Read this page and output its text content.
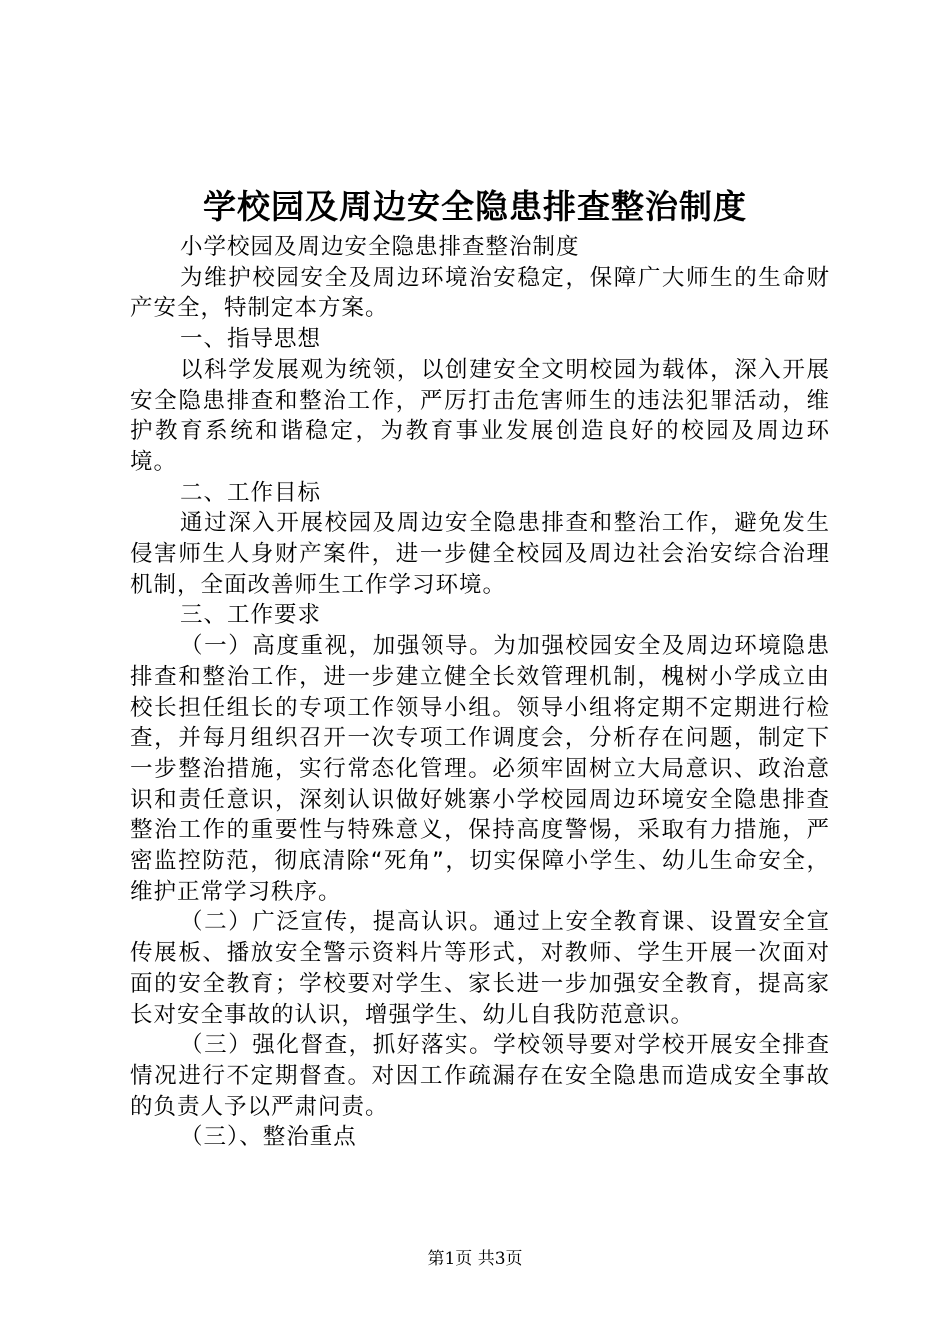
学校园及周边安全隐患排查整治制度

小学校园及周边安全隐患排查整治制度

为维护校园安全及周边环境治安稳定，保障广大师生的生命财产安全，特制定本方案。

一、指导思想

以科学发展观为统领，以创建安全文明校园为载体，深入开展安全隐患排查和整治工作，严厉打击危害师生的违法犯罪活动，维护教育系统和谐稳定，为教育事业发展创造良好的校园及周边环境。

二、工作目标

通过深入开展校园及周边安全隐患排查和整治工作，避免发生侵害师生人身财产案件，进一步健全校园及周边社会治安综合治理机制，全面改善师生工作学习环境。

三、工作要求

（一）高度重视，加强领导。为加强校园安全及周边环境隐患排查和整治工作，进一步建立健全长效管理机制，槐树小学成立由校长担任组长的专项工作领导小组。领导小组将定期不定期进行检查，并每月组织召开一次专项工作调度会，分析存在问题，制定下一步整治措施，实行常态化管理。必须牢固树立大局意识、政治意识和责任意识，深刻认识做好姚寨小学校园周边环境安全隐患排查整治工作的重要性与特殊意义，保持高度警惕，采取有力措施，严密监控防范，彻底清除“死角”，切实保障小学生、幼儿生命安全，维护正常学习秩序。

（二）广泛宣传，提高认识。通过上安全教育课、设置安全宣传展板、播放安全警示资料片等形式，对教师、学生开展一次面对面的安全教育；学校要对学生、家长进一步加强安全教育，提高家长对安全事故的认识，增强学生、幼儿自我防范意识。

（三）强化督查，抓好落实。学校领导要对学校开展安全排查情况进行不定期督查。对因工作疏漏存在安全隐患而造成安全事故的负责人予以严肃问责。

（三）、整治重点

第1页 共3页
